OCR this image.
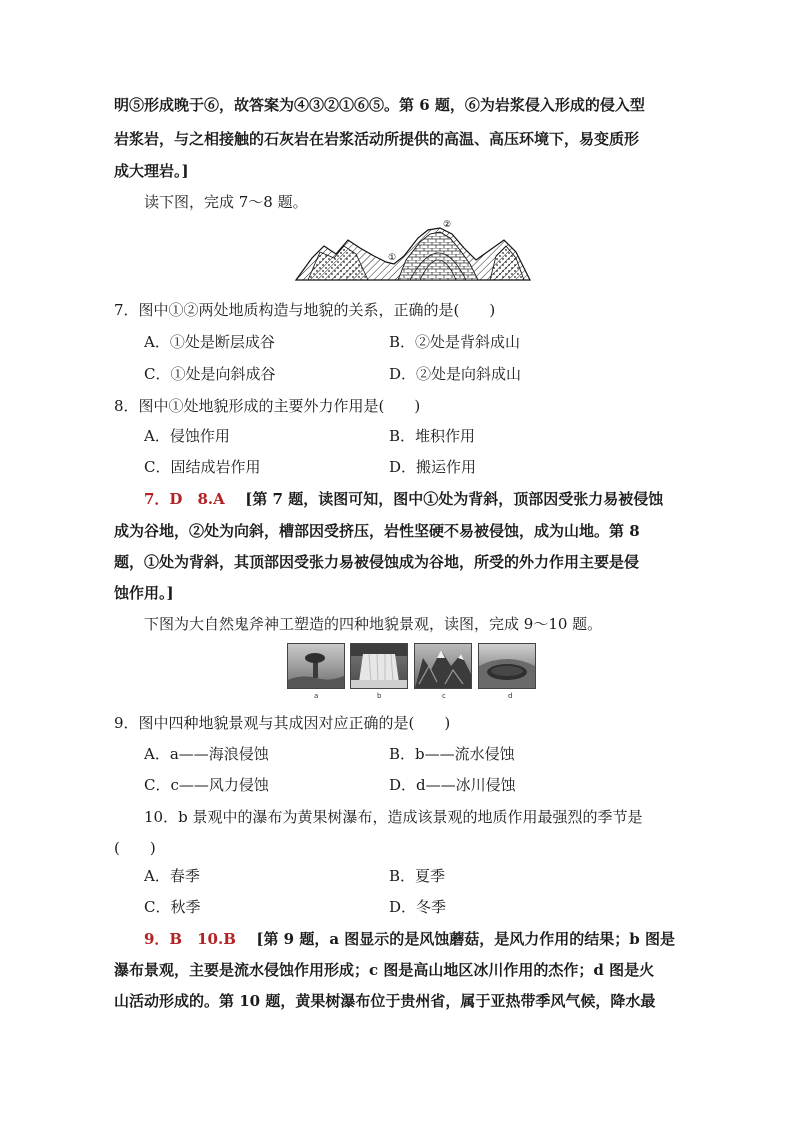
明⑤形成晚于⑥，故答案为④③②①⑥⑤。第 6 题，⑥为岩浆侵入形成的侵入型
岩浆岩，与之相接触的石灰岩在岩浆活动所提供的高温、高压环境下，易变质形
成大理岩。]
读下图，完成 7～8 题。
①
②
7．图中①②两处地质构造与地貌的关系，正确的是(　　)
A．①处是断层成谷	B．②处是背斜成山
C．①处是向斜成谷	D．②处是向斜成山
8．图中①处地貌形成的主要外力作用是(　　)
A．侵蚀作用	B．堆积作用
C．固结成岩作用	D．搬运作用
7．D　8.A [第 7 题，读图可知，图中①处为背斜，顶部因受张力易被侵蚀
成为谷地，②处为向斜，槽部因受挤压，岩性坚硬不易被侵蚀，成为山地。第 8
题，①处为背斜，其顶部因受张力易被侵蚀成为谷地，所受的外力作用主要是侵
蚀作用。]
下图为大自然鬼斧神工塑造的四种地貌景观，读图，完成 9～10 题。
a	b	c	d
9．图中四种地貌景观与其成因对应正确的是(　　)
A．a——海浪侵蚀	B．b——流水侵蚀
C．c——风力侵蚀	D．d——冰川侵蚀
10．b 景观中的瀑布为黄果树瀑布，造成该景观的地质作用最强烈的季节是
(　　)
A．春季	B．夏季
C．秋季	D．冬季
9．B　10.B [第 9 题，a 图显示的是风蚀蘑菇，是风力作用的结果；b 图是
瀑布景观，主要是流水侵蚀作用形成；c 图是高山地区冰川作用的杰作；d 图是火
山活动形成的。第 10 题，黄果树瀑布位于贵州省，属于亚热带季风气候，降水最
